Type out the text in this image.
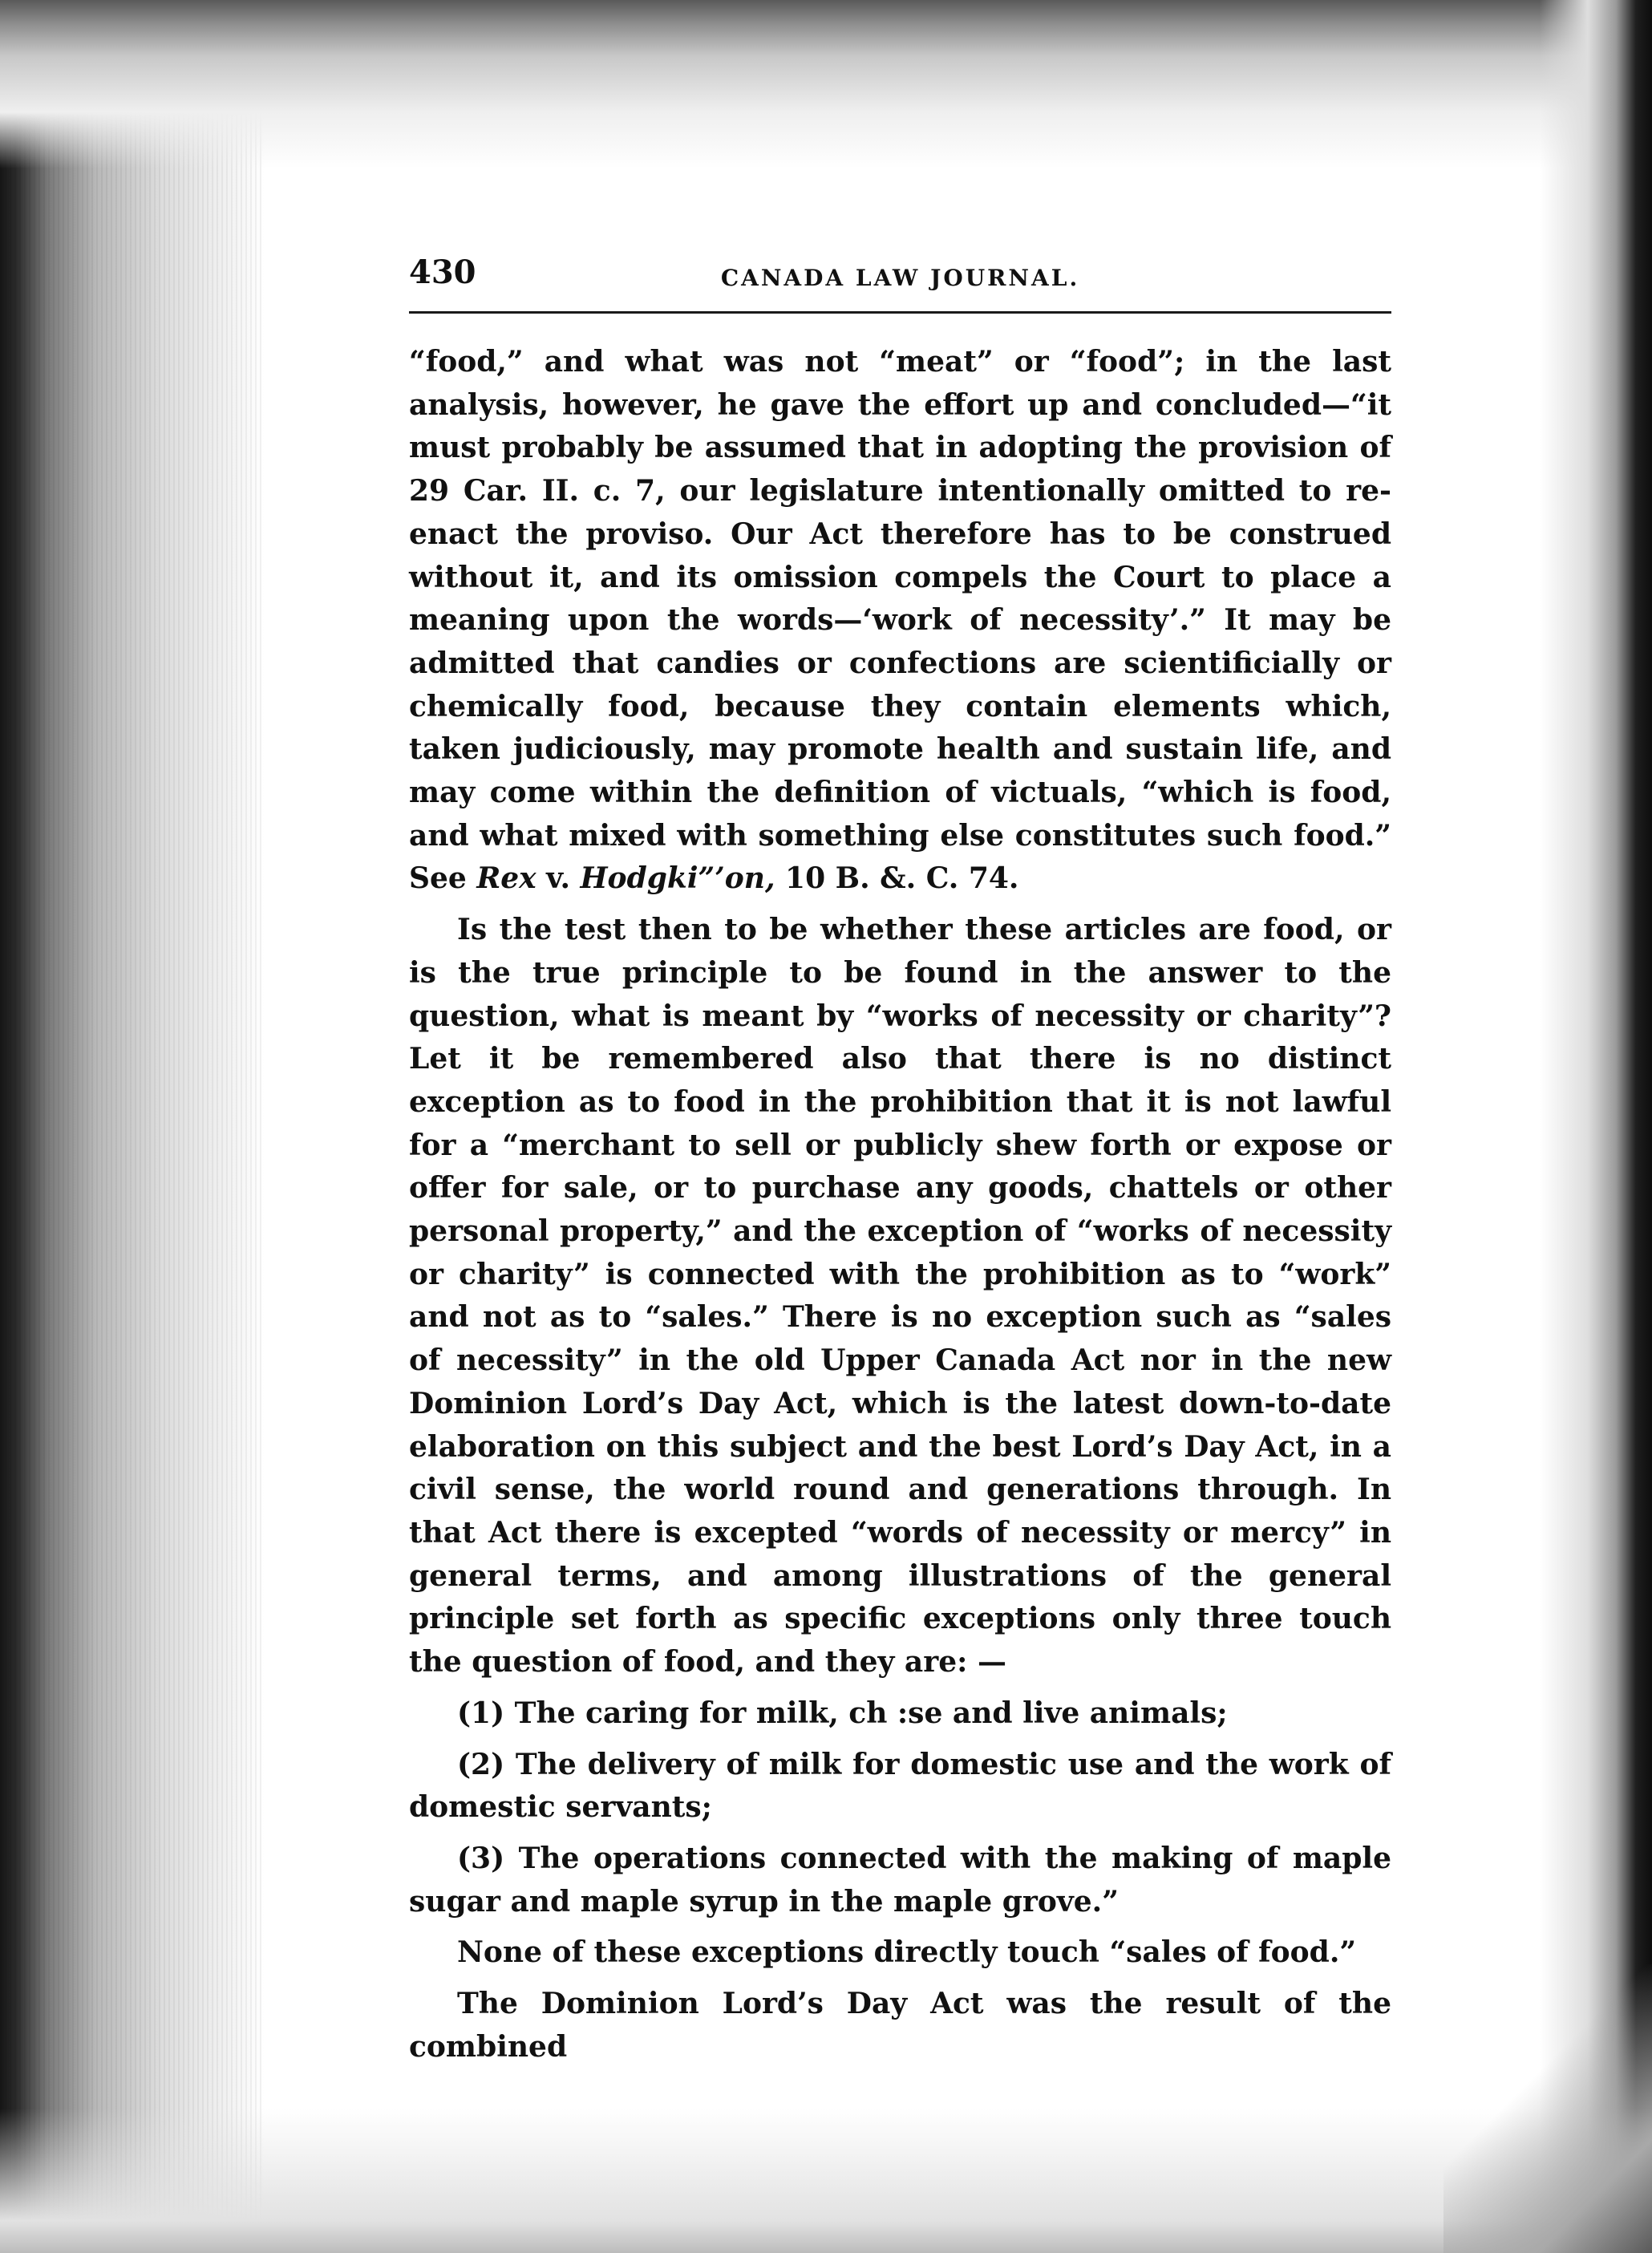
430	CANADA LAW JOURNAL.

“food,” and what was not “meat” or “food”; in the last analysis, however, he gave the effort up and concluded—“it must probably be assumed that in adopting the provision of 29 Car. II. c. 7, our legislature intentionally omitted to re-enact the proviso. Our Act therefore has to be construed without it, and its omission compels the Court to place a meaning upon the words—‘work of necessity’.” It may be admitted that candies or confections are scientificially or chemically food, because they contain elements which, taken judiciously, may promote health and sustain life, and may come within the definition of victuals, “which is food, and what mixed with something else constitutes such food.” See Rex v. Hodgki”’on, 10 B. &. C. 74.

Is the test then to be whether these articles are food, or is the true principle to be found in the answer to the question, what is meant by “works of necessity or charity”? Let it be remembered also that there is no distinct exception as to food in the prohibition that it is not lawful for a “merchant to sell or publicly shew forth or expose or offer for sale, or to purchase any goods, chattels or other personal property,” and the exception of “works of necessity or charity” is connected with the prohibition as to “work” and not as to “sales.” There is no exception such as “sales of necessity” in the old Upper Canada Act nor in the new Dominion Lord’s Day Act, which is the latest down-to-date elaboration on this subject and the best Lord’s Day Act, in a civil sense, the world round and generations through. In that Act there is excepted “words of necessity or mercy” in general terms, and among illustrations of the general principle set forth as specific exceptions only three touch the question of food, and they are: —

(1) The caring for milk, ch :se and live animals;

(2) The delivery of milk for domestic use and the work of domestic servants;

(3) The operations connected with the making of maple sugar and maple syrup in the maple grove.”

None of these exceptions directly touch “sales of food.”

The Dominion Lord’s Day Act was the result of the combined
